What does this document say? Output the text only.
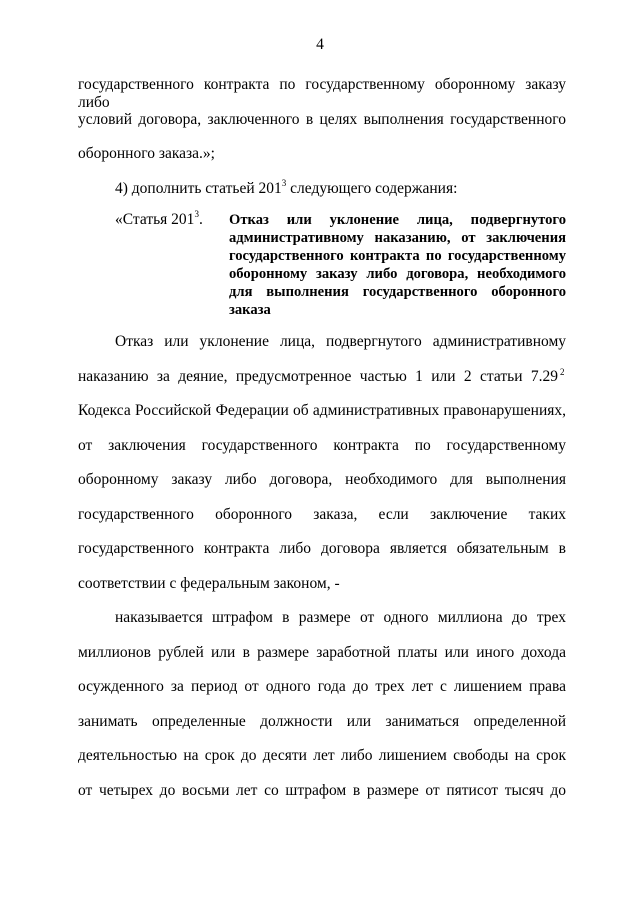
4
государственного контракта по государственному оборонному заказу либо
условий договора, заключенного в целях выполнения государственного
оборонного заказа.»;
4) дополнить статьей $201^3$ следующего содержания:
«Статья $201^3$. Отказ или уклонение лица, подвергнутого административному наказанию, от заключения государственного контракта по государственному оборонному заказу либо договора, необходимого для выполнения государственного оборонного заказа
Отказ или уклонение лица, подвергнутого административному
наказанию за деяние, предусмотренное частью 1 или 2 статьи 7.29 2
Кодекса Российской Федерации об административных правонарушениях,
от заключения государственного контракта по государственному
оборонному заказу либо договора, необходимого для выполнения
государственного оборонного заказа, если заключение таких
государственного контракта либо договора является обязательным в
соответствии с федеральным законом, -
наказывается штрафом в размере от одного миллиона до трех
миллионов рублей или в размере заработной платы или иного дохода
осужденного за период от одного года до трех лет с лишением права
занимать определенные должности или заниматься определенной
деятельностью на срок до десяти лет либо лишением свободы на срок
от четырех до восьми лет со штрафом в размере от пятисот тысяч до
